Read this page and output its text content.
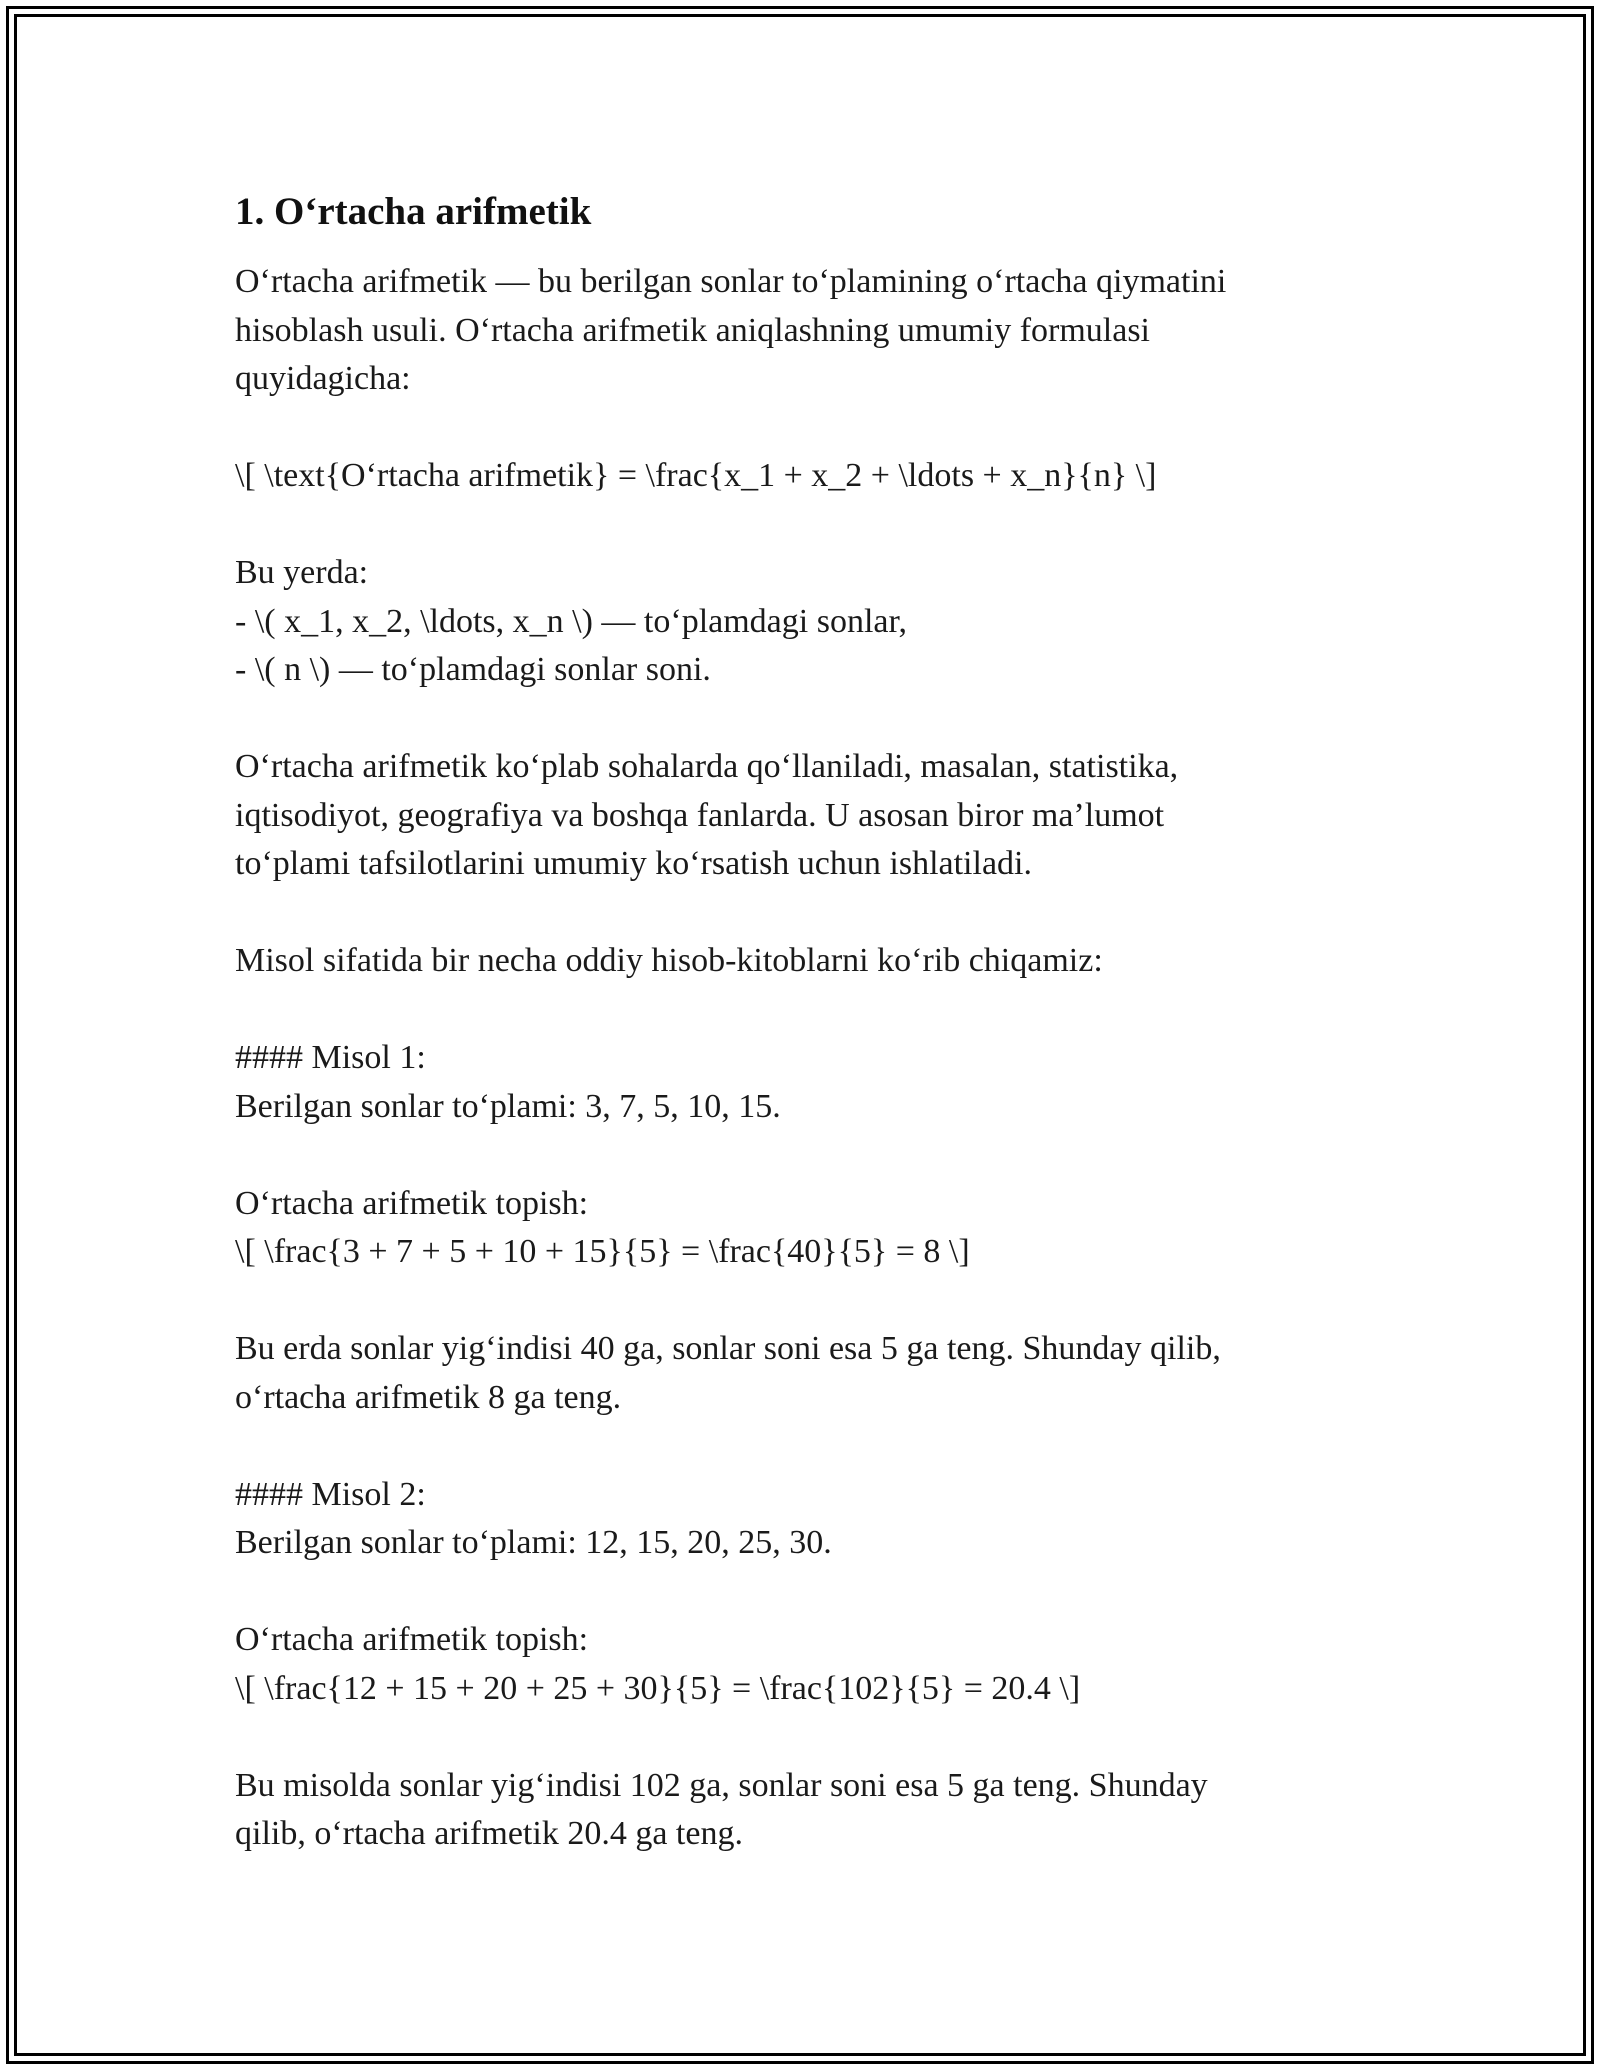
1. O‘rtacha arifmetik
O‘rtacha arifmetik — bu berilgan sonlar to‘plamining o‘rtacha qiymatini
hisoblash usuli. O‘rtacha arifmetik aniqlashning umumiy formulasi
quyidagicha:
\[ \text{O‘rtacha arifmetik} = \frac{x_1 + x_2 + \ldots + x_n}{n} \]
Bu yerda:
- \( x_1, x_2, \ldots, x_n \) — to‘plamdagi sonlar,
- \( n \) — to‘plamdagi sonlar soni.
O‘rtacha arifmetik ko‘plab sohalarda qo‘llaniladi, masalan, statistika,
iqtisodiyot, geografiya va boshqa fanlarda. U asosan biror ma’lumot
to‘plami tafsilotlarini umumiy ko‘rsatish uchun ishlatiladi.
Misol sifatida bir necha oddiy hisob-kitoblarni ko‘rib chiqamiz:
#### Misol 1:
Berilgan sonlar to‘plami: 3, 7, 5, 10, 15.
O‘rtacha arifmetik topish:
\[ \frac{3 + 7 + 5 + 10 + 15}{5} = \frac{40}{5} = 8 \]
Bu erda sonlar yig‘indisi 40 ga, sonlar soni esa 5 ga teng. Shunday qilib,
o‘rtacha arifmetik 8 ga teng.
#### Misol 2:
Berilgan sonlar to‘plami: 12, 15, 20, 25, 30.
O‘rtacha arifmetik topish:
\[ \frac{12 + 15 + 20 + 25 + 30}{5} = \frac{102}{5} = 20.4 \]
Bu misolda sonlar yig‘indisi 102 ga, sonlar soni esa 5 ga teng. Shunday
qilib, o‘rtacha arifmetik 20.4 ga teng.
